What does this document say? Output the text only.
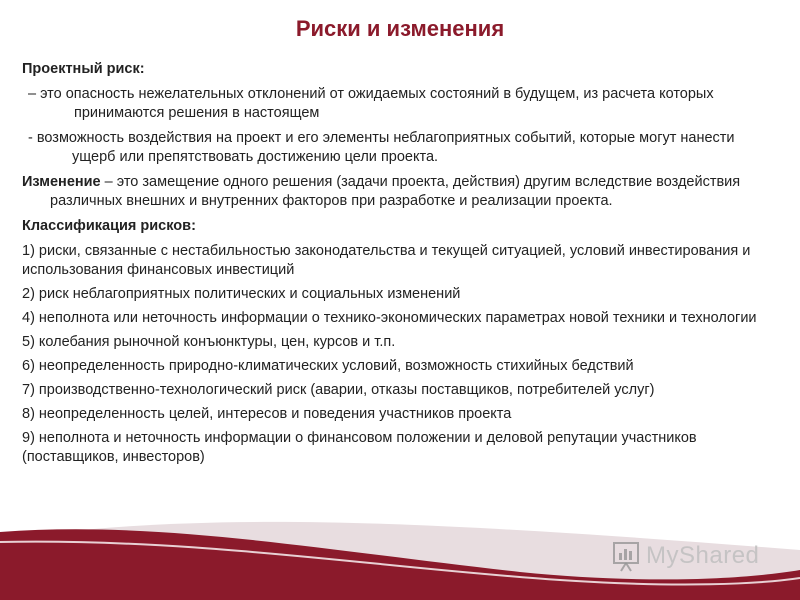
Риски и изменения
Проектный риск:
– это опасность нежелательных отклонений от ожидаемых состояний в будущем, из расчета которых принимаются решения в настоящем
- возможность воздействия на проект и его элементы неблагоприятных событий, которые могут нанести ущерб или препятствовать достижению цели проекта.
Изменение – это замещение одного решения (задачи проекта, действия) другим вследствие воздействия различных внешних и внутренних факторов при разработке и реализации проекта.
Классификация рисков:
1) риски, связанные с нестабильностью законодательства и текущей ситуацией, условий инвестирования и использования финансовых инвестиций
2) риск неблагоприятных политических и социальных изменений
4) неполнота или неточность информации о технико-экономических параметрах новой техники и технологии
5) колебания рыночной конъюнктуры, цен, курсов и т.п.
6) неопределенность природно-климатических условий, возможность стихийных бедствий
7) производственно-технологический риск (аварии, отказы поставщиков, потребителей услуг)
8) неопределенность целей, интересов и поведения участников проекта
9) неполнота и неточность информации о финансовом положении и деловой репутации участников (поставщиков, инвесторов)
MyShared
